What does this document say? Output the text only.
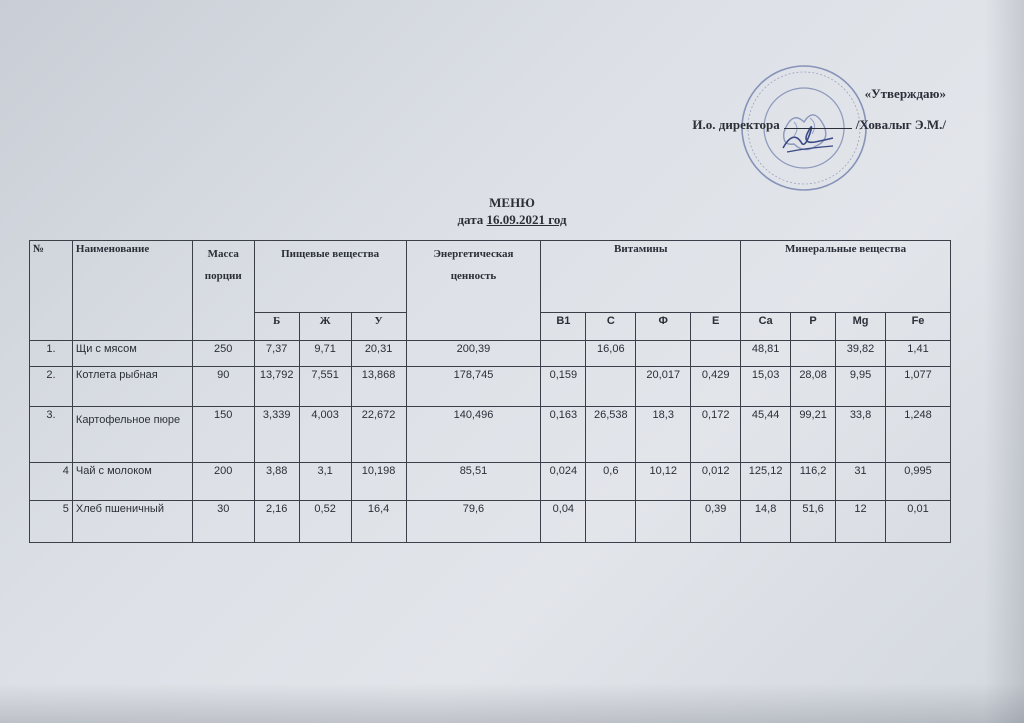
«Утверждаю»
И.о. директора	/Ховалыг Э.М./
МЕНЮ
дата 16.09.2021 год
№	Наименование	Масса порции	Пищевые вещества			Энергетическая ценность	Витамины				Минеральные вещества			
			Б	Ж	У		B1	C	Ф	E	Ca	P	Mg	Fe
1.	Щи с мясом	250	7,37	9,71	20,31	200,39		16,06			48,81		39,82	1,41
2.	Котлета рыбная	90	13,792	7,551	13,868	178,745	0,159		20,017	0,429	15,03	28,08	9,95	1,077
3.	Картофельное пюре	150	3,339	4,003	22,672	140,496	0,163	26,538	18,3	0,172	45,44	99,21	33,8	1,248
4	Чай с молоком	200	3,88	3,1	10,198	85,51	0,024	0,6	10,12	0,012	125,12	116,2	31	0,995
5	Хлеб пшеничный	30	2,16	0,52	16,4	79,6	0,04			0,39	14,8	51,6	12	0,01
